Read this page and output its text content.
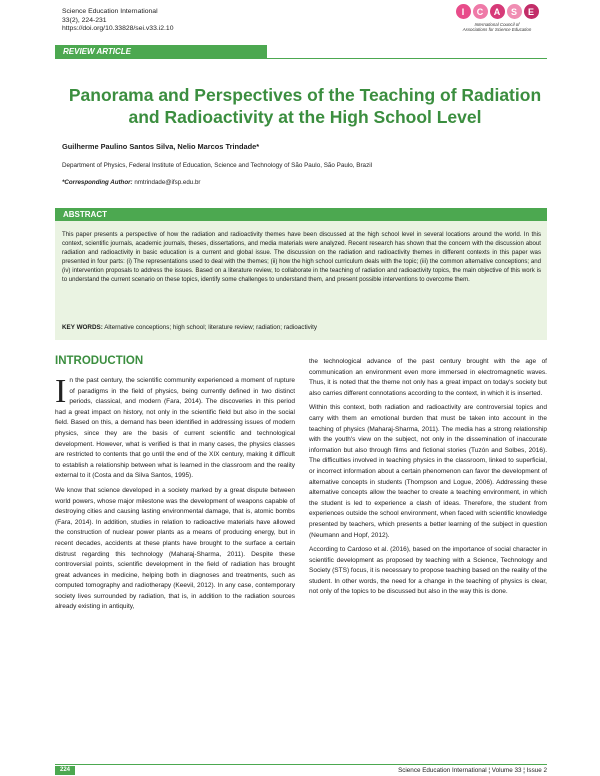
Science Education International
33(2), 224-231
https://doi.org/10.33828/sei.v33.i2.10
I	C	A	S	E
International Council of
Associations for Science Education
REVIEW ARTICLE
Panorama and Perspectives of the Teaching of Radiation and Radioactivity at the High School Level
Guilherme Paulino Santos Silva, Nelio Marcos Trindade*
Department of Physics, Federal Institute of Education, Science and Technology of São Paulo, São Paulo, Brazil
*Corresponding Author: nmtrindade@ifsp.edu.br
ABSTRACT

This paper presents a perspective of how the radiation and radioactivity themes have been discussed at the high school level in several locations around the world. In this context, scientific journals, academic journals, theses, dissertations, and media materials were analyzed. Recent research has shown that the concern with the discussion about radiation and radioactivity in basic education is a current and global issue. The discussion on the radiation and radioactivity themes in different contexts in this paper was presented in four parts: (i) The representations used to deal with the themes; (ii) how the high school curriculum deals with the topic; (iii) the common alternative conceptions; and (iv) intervention proposals to address the issues. Based on a literature review, to collaborate in the teaching of radiation and radioactivity topics, the main objective of this work is to understand the current scenario on these topics, identify some challenges to understand them, and present possible interventions to overcome them.

KEY WORDS: Alternative conceptions; high school; literature review; radiation; radioactivity
INTRODUCTION

In the past century, the scientific community experienced a moment of rupture of paradigms in the field of physics, being currently defined in two distinct periods, classical, and modern (Fara, 2014). The discoveries in this period had a great impact on history, not only in the scientific field but also in the social field. Based on this, a demand has been identified in addressing issues of modern physics, since they are the basis of current scientific and technological development. However, what is verified is that in many cases, the physics classes are restricted to contents that go until the end of the XIX century, making it difficult to establish a relationship between what is learned in the classroom and the reality external to it (Costa and da Silva Santos, 1995).

We know that science developed in a society marked by a great dispute between world powers, whose major milestone was the development of weapons capable of destroying cities and causing lasting environmental damage, that is, atomic bombs (Fara, 2014). In addition, studies in relation to radioactive materials have allowed the construction of nuclear power plants as a means of producing energy, but in recent decades, accidents at these plants have brought to the surface a certain distrust regarding this technology (Maharaj-Sharma, 2011). Despite these controversial points, scientific development in the field of radiation has brought great advances in medicine, helping both in diagnoses and treatments, such as computed tomography and radiotherapy (Keevil, 2012). In any case, contemporary society lives surrounded by radiation, that is, in addition to the radiation sources already existing in antiquity,

the technological advance of the past century brought with the age of communication an environment even more immersed in electromagnetic waves. Thus, it is noted that the theme not only has a great impact on today's society but also carries different connotations according to the context, in which it is inserted.

Within this context, both radiation and radioactivity are controversial topics and carry with them an emotional burden that must be taken into account in the teaching of physics (Maharaj-Sharma, 2011). The media has a strong relationship with the youth's view on the subject, not only in the dissemination of inaccurate information but also through films and fictional stories (Tuzón and Solbes, 2016). The difficulties involved in teaching physics in the classroom, linked to superficial, or incorrect information about a certain phenomenon can favor the development of alternative concepts in students (Thompson and Logue, 2006). Addressing these alternative concepts allow the teacher to create a teaching environment, in which the student is led to experience a clash of ideas. Therefore, the student from experiences outside the school environment, when faced with scientific knowledge presented by teachers, which presents a better learning of the subject in question (Neumann and Hopf, 2012).

According to Cardoso et al. (2016), based on the importance of social character in scientific development as proposed by teaching with a Science, Technology and Society (STS) focus, it is necessary to propose teaching based on the reality of the student. In other words, the need for a change in the teaching of physics is clear, not only of the topics to be discussed but also in the way this is done.

224	Science Education International ¦ Volume 33 ¦ Issue 2
